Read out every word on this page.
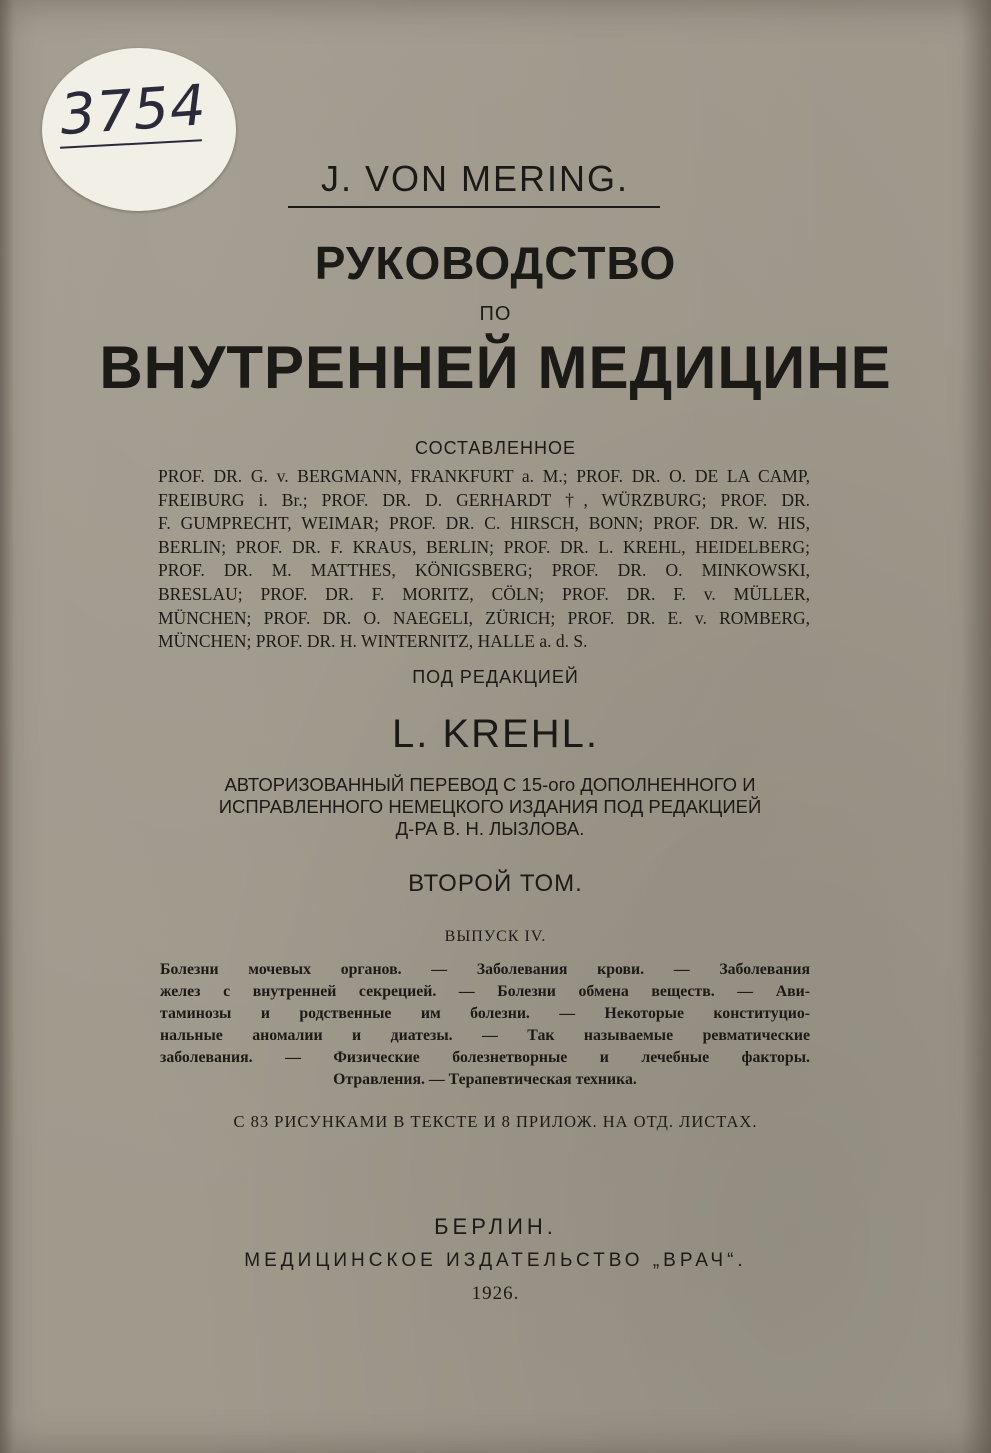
3754
J. VON MERING.
РУКОВОДСТВО
ПО
ВНУТРЕННЕЙ МЕДИЦИНЕ
СОСТАВЛЕННОЕ
PROF. DR. G. v. BERGMANN, FRANKFURT a. M.; PROF. DR. O. DE LA CAMP,
FREIBURG i. Br.; PROF. DR. D. GERHARDT †, WÜRZBURG; PROF. DR.
F. GUMPRECHT, WEIMAR; PROF. DR. C. HIRSCH, BONN; PROF. DR. W. HIS,
BERLIN; PROF. DR. F. KRAUS, BERLIN; PROF. DR. L. KREHL, HEIDELBERG;
PROF. DR. M. MATTHES, KÖNIGSBERG; PROF. DR. O. MINKOWSKI,
BRESLAU; PROF. DR. F. MORITZ, CÖLN; PROF. DR. F. v. MÜLLER,
MÜNCHEN; PROF. DR. O. NAEGELI, ZÜRICH; PROF. DR. E. v. ROMBERG,
MÜNCHEN; PROF. DR. H. WINTERNITZ, HALLE a. d. S.
ПОД РЕДАКЦИЕЙ
L. KREHL.
АВТОРИЗОВАННЫЙ ПЕРЕВОД С 15-ого ДОПОЛНЕННОГО И
ИСПРАВЛЕННОГО НЕМЕЦКОГО ИЗДАНИЯ ПОД РЕДАКЦИЕЙ
Д-РА В. Н. ЛЫЗЛОВА.
ВТОРОЙ ТОМ.
ВЫПУСК IV.
Болезни мочевых органов. — Заболевания крови. — Заболевания
желез с внутренней секрецией. — Болезни обмена веществ. — Ави-
таминозы и родственные им болезни. — Некоторые конституцио-
нальные аномалии и диатезы. — Так называемые ревматические
заболевания. — Физические болезнетворные и лечебные факторы.
Отравления. — Терапевтическая техника.
С 83 РИСУНКАМИ В ТЕКСТЕ И 8 ПРИЛОЖ. НА ОТД. ЛИСТАХ.
БЕРЛИН.
МЕДИЦИНСКОЕ ИЗДАТЕЛЬСТВО „ВРАЧ“.
1926.
